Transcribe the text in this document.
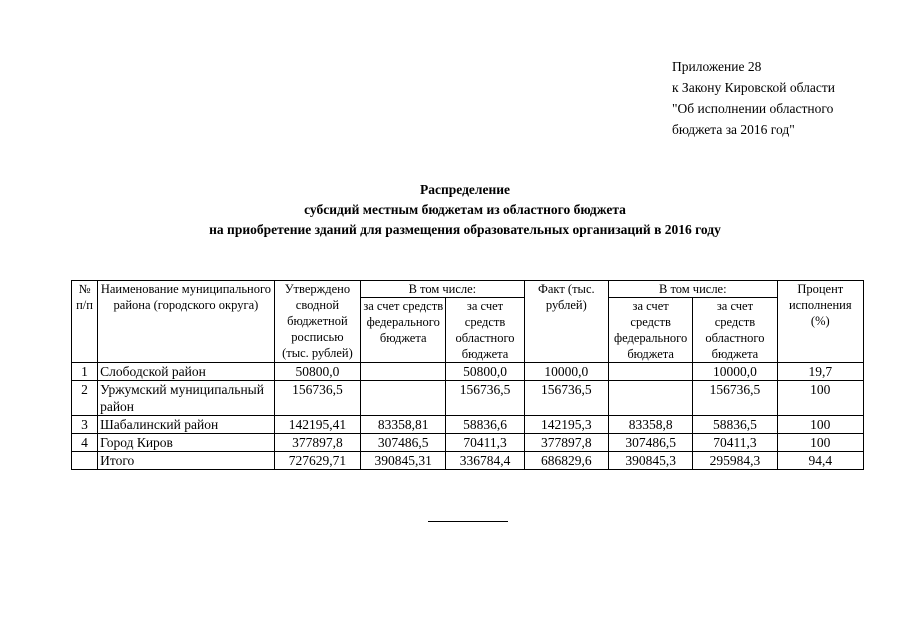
Приложение 28
к Закону Кировской области
"Об исполнении областного
бюджета за 2016 год"
Распределение
субсидий местным бюджетам из областного бюджета
на приобретение зданий для размещения образовательных организаций в 2016 году
№ п/п	Наименование муниципального района (городского округа)	Утверждено сводной бюджетной росписью (тыс. рублей)	В том числе:		Факт (тыс. рублей)	В том числе:		Процент исполнения (%)
			за счет средств федерального бюджета	за счет средств областного бюджета		за счет средств федерального бюджета	за счет средств областного бюджета	
1	Слободской район	50800,0		50800,0	10000,0		10000,0	19,7
2	Уржумский муниципальный район	156736,5		156736,5	156736,5		156736,5	100
3	Шабалинский район	142195,41	83358,81	58836,6	142195,3	83358,8	58836,5	100
4	Город Киров	377897,8	307486,5	70411,3	377897,8	307486,5	70411,3	100
	Итого	727629,71	390845,31	336784,4	686829,6	390845,3	295984,3	94,4
